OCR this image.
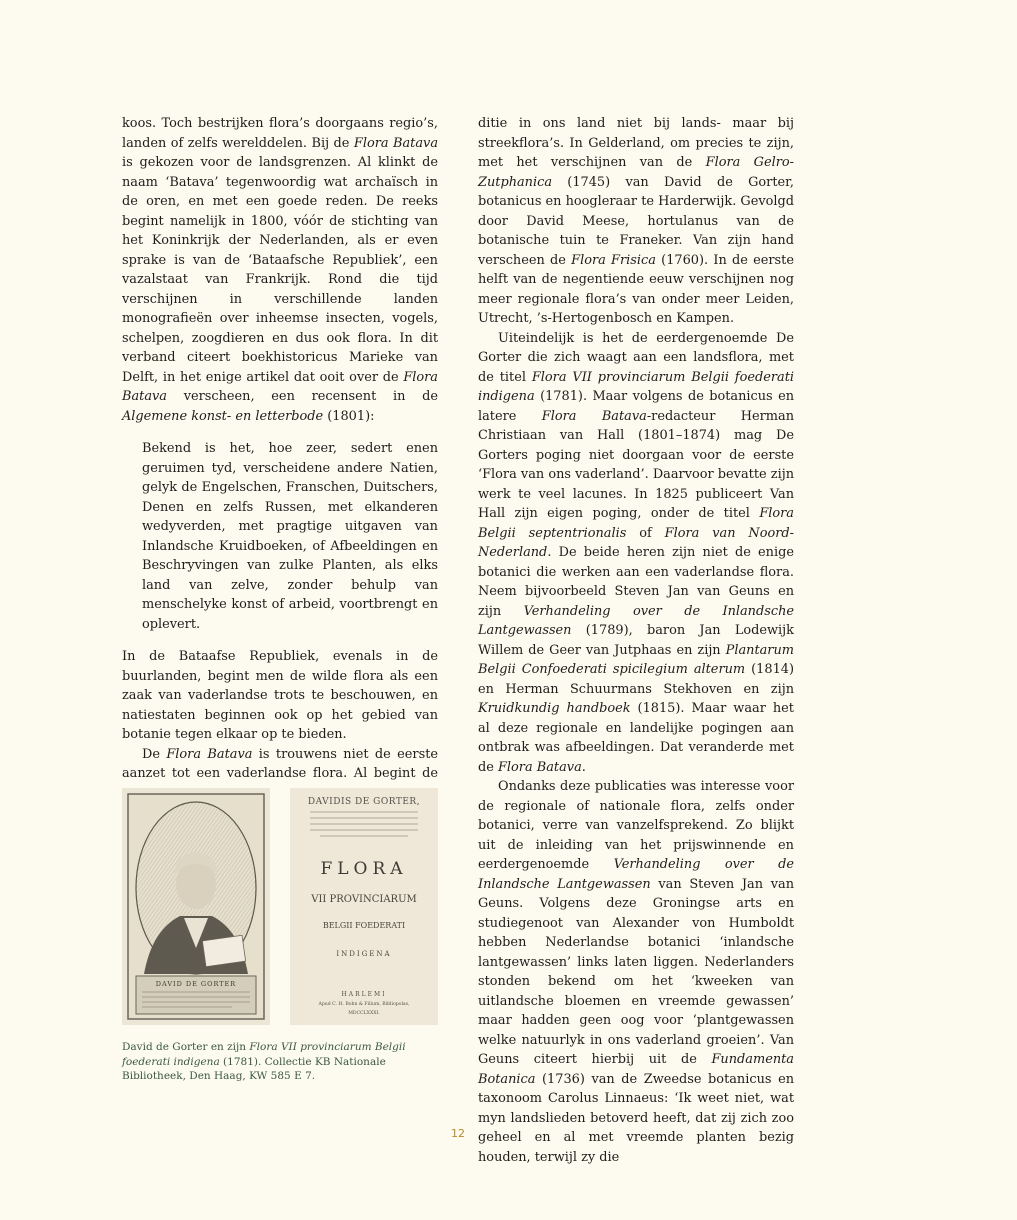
koos. Toch bestrijken flora’s doorgaans regio’s, landen of zelfs werelddelen. Bij de Flora Batava is gekozen voor de landsgrenzen. Al klinkt de naam ‘Batava’ tegenwoordig wat archaïsch in de oren, en met een goede reden. De reeks begint namelijk in 1800, vóór de stichting van het Koninkrijk der Nederlanden, als er even sprake is van de ‘Bataafsche Republiek’, een vazalstaat van Frankrijk. Rond die tijd verschijnen in verschillende landen monografieën over inheemse insecten, vogels, schelpen, zoogdieren en dus ook flora. In dit verband citeert boekhistoricus Marieke van Delft, in het enige artikel dat ooit over de Flora Batava verscheen, een recensent in de Algemene konst- en letterbode (1801):

Bekend is het, hoe zeer, sedert enen geruimen tyd, verscheidene andere Natien, gelyk de Engelschen, Franschen, Duitschers, Denen en zelfs Russen, met elkanderen wedyverden, met pragtige uitgaven van Inlandsche Kruidboeken, of Afbeeldingen en Beschryvingen van zulke Planten, als elks land van zelve, zonder behulp van menschelyke konst of arbeid, voortbrengt en oplevert.

In de Bataafse Republiek, evenals in de buurlanden, begint men de wilde flora als een zaak van vaderlandse trots te beschouwen, en natiestaten beginnen ook op het gebied van botanie tegen elkaar op te bieden.

De Flora Batava is trouwens niet de eerste aanzet tot een vaderlandse flora. Al begint de

DAVID DE GORTER
DAVIDIS DE GORTER,
FLORA
VII PROVINCIARUM
BELGII FOEDERATI
INDIGENA
HARLEMI
Apud C. H. Bohn & Filium, Bibliopolas,
MDCCLXXXI.
David de Gorter en zijn Flora VII provinciarum Belgii foederati indigena (1781). Collectie KB Nationale Bibliotheek, Den Haag, KW 585 E 7.

ditie in ons land niet bij lands- maar bij streekflora’s. In Gelderland, om precies te zijn, met het verschijnen van de Flora Gelro-Zutphanica (1745) van David de Gorter, botanicus en hoogleraar te Harderwijk. Gevolgd door David Meese, hortulanus van de botanische tuin te Franeker. Van zijn hand verscheen de Flora Frisica (1760). In de eerste helft van de negentiende eeuw verschijnen nog meer regionale flora’s van onder meer Leiden, Utrecht, ’s-Hertogenbosch en Kampen.

Uiteindelijk is het de eerdergenoemde De Gorter die zich waagt aan een landsflora, met de titel Flora VII provinciarum Belgii foederati indigena (1781). Maar volgens de botanicus en latere Flora Batava-redacteur Herman Christiaan van Hall (1801–1874) mag De Gorters poging niet doorgaan voor de eerste ‘Flora van ons vaderland’. Daarvoor bevatte zijn werk te veel lacunes. In 1825 publiceert Van Hall zijn eigen poging, onder de titel Flora Belgii septentrionalis of Flora van Noord-Nederland. De beide heren zijn niet de enige botanici die werken aan een vaderlandse flora. Neem bijvoorbeeld Steven Jan van Geuns en zijn Verhandeling over de Inlandsche Lantgewassen (1789), baron Jan Lodewijk Willem de Geer van Jutphaas en zijn Plantarum Belgii Confoederati spicilegium alterum (1814) en Herman Schuurmans Stekhoven en zijn Kruidkundig handboek (1815). Maar waar het al deze regionale en landelijke pogingen aan ontbrak was afbeeldingen. Dat veranderde met de Flora Batava.

Ondanks deze publicaties was interesse voor de regionale of nationale flora, zelfs onder botanici, verre van vanzelfsprekend. Zo blijkt uit de inleiding van het prijswinnende en eerdergenoemde Verhandeling over de Inlandsche Lantgewassen van Steven Jan van Geuns. Volgens deze Groningse arts en studiegenoot van Alexander von Humboldt hebben Nederlandse botanici ‘inlandsche lantgewassen’ links laten liggen. Nederlanders stonden bekend om het ‘kweeken van uitlandsche bloemen en vreemde gewassen’ maar hadden geen oog voor ‘plantgewassen welke natuurlyk in ons vaderland groeien’. Van Geuns citeert hierbij uit de Fundamenta Botanica (1736) van de Zweedse botanicus en taxonoom Carolus Linnaeus: ‘Ik weet niet, wat myn landslieden betoverd heeft, dat zij zich zoo geheel en al met vreemde planten bezig houden, terwijl zy die

12
